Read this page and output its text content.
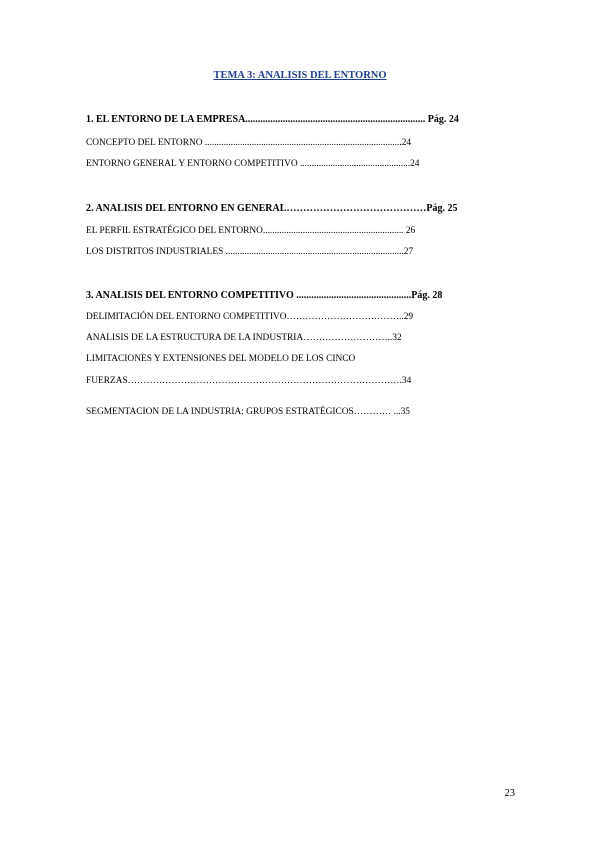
TEMA 3: ANALISIS DEL ENTORNO
1. EL ENTORNO DE LA EMPRESA........................................................................ Pág. 24
CONCEPTO DEL ENTORNO ....................................................................................24
ENTORNO GENERAL Y ENTORNO COMPETITIVO ...............................................24
2. ANALISIS DEL ENTORNO EN GENERAL……………………………………Pág. 25
EL PERFIL ESTRATÉGICO DEL ENTORNO............................................................ 26
LOS DISTRITOS INDUSTRIALES ............................................................................27
3. ANALISIS DEL ENTORNO COMPETITIVO ..............................................Pág. 28
DELIMITACIÓN DEL ENTORNO COMPETITIVO………………………………..29
ANALISIS DE LA ESTRUCTURA DE LA INDUSTRIA………………………..32
LIMITACIONES Y EXTENSIONES DEL MODELO DE LOS CINCO
FUERZAS…………………………………………………………………………….34
SEGMENTACION DE LA INDUSTRIA: GRUPOS ESTRATÉGICOS………… ...35
23
